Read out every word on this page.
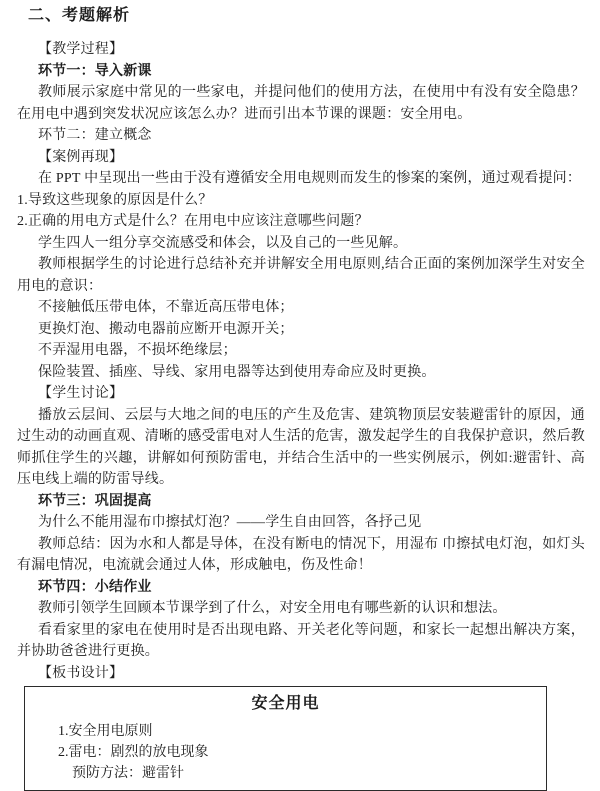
二、考题解析

【教学过程】

环节一：导入新课

教师展示家庭中常见的一些家电，并提问他们的使用方法，在使用中有没有安全隐患？在用电中遇到突发状况应该怎么办？进而引出本节课的课题：安全用电。

环节二：建立概念

【案例再现】

在 PPT 中呈现出一些由于没有遵循安全用电规则而发生的惨案的案例，通过观看提问：

1.导致这些现象的原因是什么？

2.正确的用电方式是什么？在用电中应该注意哪些问题？

学生四人一组分享交流感受和体会，以及自己的一些见解。

教师根据学生的讨论进行总结补充并讲解安全用电原则,结合正面的案例加深学生对安全用电的意识：

不接触低压带电体，不靠近高压带电体；

更换灯泡、搬动电器前应断开电源开关；

不弄湿用电器，不损坏绝缘层；

保险装置、插座、导线、家用电器等达到使用寿命应及时更换。

【学生讨论】

播放云层间、云层与大地之间的电压的产生及危害、建筑物顶层安装避雷针的原因，通过生动的动画直观、清晰的感受雷电对人生活的危害，激发起学生的自我保护意识，然后教师抓住学生的兴趣，讲解如何预防雷电，并结合生活中的一些实例展示，例如:避雷针、高压电线上端的防雷导线。

环节三：巩固提高

为什么不能用湿布巾擦拭灯泡？——学生自由回答，各抒己见

教师总结：因为水和人都是导体，在没有断电的情况下，用湿布 巾擦拭电灯泡，如灯头有漏电情况，电流就会通过人体，形成触电，伤及性命！

环节四：小结作业

教师引领学生回顾本节课学到了什么，对安全用电有哪些新的认识和想法。

看看家里的家电在使用时是否出现电路、开关老化等问题，和家长一起想出解决方案，并协助爸爸进行更换。

【板书设计】

安全用电

1.安全用电原则

2.雷电：剧烈的放电现象

预防方法：避雷针
